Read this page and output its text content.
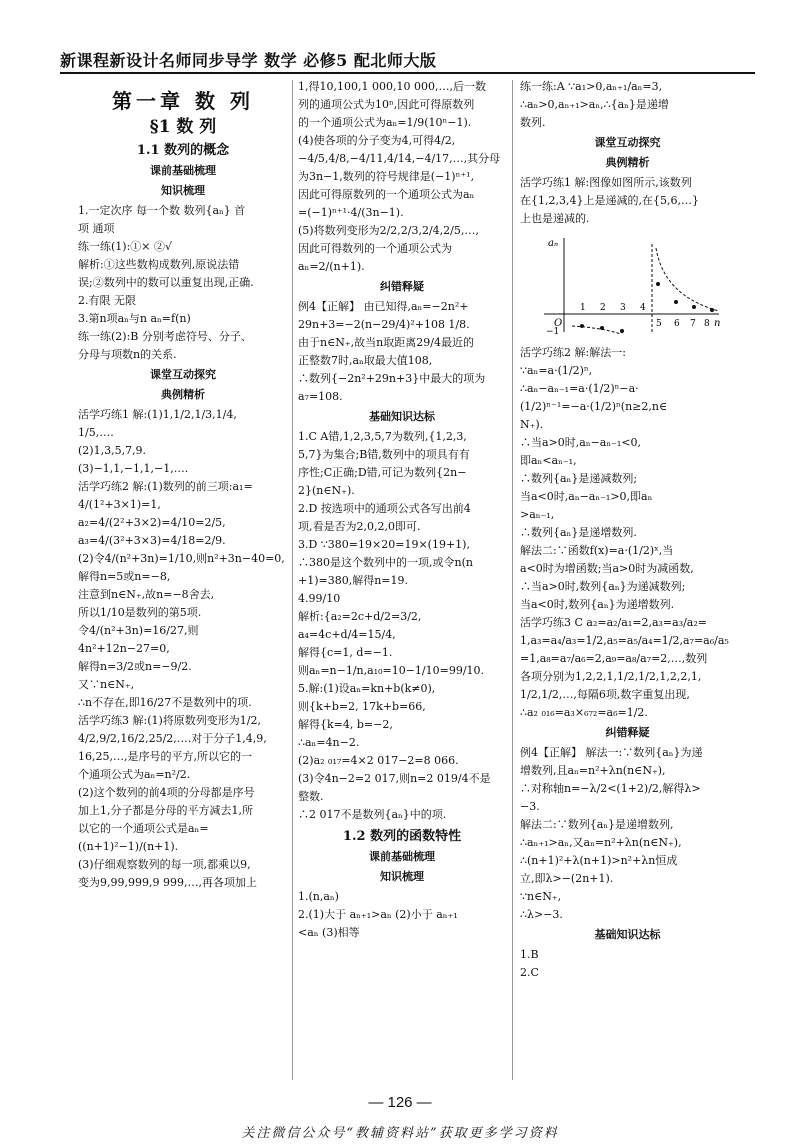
新课程新设计名师同步导学 数学 必修5 配北师大版
第一章 数 列
§1 数 列
1.1 数列的概念
课前基础梳理
知识梳理

1.一定次序 每一个数 数列{aₙ} 首

项 通项

练一练(1):①× ②√

解析:①这些数构成数列,原说法错

误;②数列中的数可以重复出现,正确.

2.有限 无限

3.第n项aₙ与n aₙ=f(n)

练一练(2):B 分别考虑符号、分子、

分母与项数n的关系.

课堂互动探究
典例精析

活学巧练1 解:(1)1,1/2,1/3,1/4,

1/5,….

(2)1,3,5,7,9.

(3)−1,1,−1,1,−1,….

活学巧练2 解:(1)数列的前三项:a₁=

4/(1²+3×1)=1,

a₂=4/(2²+3×2)=4/10=2/5,

a₃=4/(3²+3×3)=4/18=2/9.

(2)令4/(n²+3n)=1/10,则n²+3n−40=0,

解得n=5或n=−8,

注意到n∈N₊,故n=−8舍去,

所以1/10是数列的第5项.

令4/(n²+3n)=16/27,则4n²+12n−27=0,

解得n=3/2或n=−9/2.

又∵n∈N₊,

∴n不存在,即16/27不是数列中的项.

活学巧练3 解:(1)将原数列变形为1/2,

4/2,9/2,16/2,25/2,….对于分子1,4,9,

16,25,…,是序号的平方,所以它的一

个通项公式为aₙ=n²/2.

(2)这个数列的前4项的分母都是序号

加上1,分子都是分母的平方减去1,所

以它的一个通项公式是aₙ=

((n+1)²−1)/(n+1).

(3)仔细观察数列的每一项,都乘以9,

变为9,99,999,9 999,…,再各项加上

1,得10,100,1 000,10 000,…,后一数

列的通项公式为10ⁿ,因此可得原数列

的一个通项公式为aₙ=1/9(10ⁿ−1).

(4)使各项的分子变为4,可得4/2,

−4/5,4/8,−4/11,4/14,−4/17,…,其分母

为3n−1,数列的符号规律是(−1)ⁿ⁺¹,

因此可得原数列的一个通项公式为aₙ

=(−1)ⁿ⁺¹·4/(3n−1).

(5)将数列变形为2/2,2/3,2/4,2/5,…,

因此可得数列的一个通项公式为

aₙ=2/(n+1).

纠错释疑

例4【正解】 由已知得,aₙ=−2n²+

29n+3=−2(n−29/4)²+108 1/8.

由于n∈N₊,故当n取距离29/4最近的

正整数7时,aₙ取最大值108,

∴数列{−2n²+29n+3}中最大的项为

a₇=108.

基础知识达标

1.C A错,1,2,3,5,7为数列,{1,2,3,

5,7}为集合;B错,数列中的项具有有

序性;C正确;D错,可记为数列{2n−

2}(n∈N₊).

2.D 按选项中的通项公式各写出前4

项,看是否为2,0,2,0即可.

3.D ∵380=19×20=19×(19+1),

∴380是这个数列中的一项,或令n(n

+1)=380,解得n=19.

4.99/10

解析:{a₂=2c+d/2=3/2, a₄=4c+d/4=15/4,

解得{c=1, d=−1.

则aₙ=n−1/n,a₁₀=10−1/10=99/10.

5.解:(1)设aₙ=kn+b(k≠0),

则{k+b=2, 17k+b=66,

解得{k=4, b=−2,

∴aₙ=4n−2.

(2)a₂ ₀₁₇=4×2 017−2=8 066.

(3)令4n−2=2 017,则n=2 019/4不是

整数.

∴2 017不是数列{aₙ}中的项.

1.2 数列的函数特性
课前基础梳理
知识梳理

1.(n,aₙ)

2.(1)大于 aₙ₊₁>aₙ (2)小于 aₙ₊₁

<aₙ (3)相等

练一练:A ∵a₁>0,aₙ₊₁/aₙ=3,

∴aₙ>0,aₙ₊₁>aₙ,∴{aₙ}是递增

数列.

课堂互动探究
典例精析

活学巧练1 解:图像如图所示,该数列

在{1,2,3,4}上是递减的,在{5,6,…}

上也是递减的.

aₙ
n
O
−1
1 2 3 4
5 6 7 8

活学巧练2 解:解法一:

∵aₙ=a·(1/2)ⁿ,

∴aₙ−aₙ₋₁=a·(1/2)ⁿ−a·

(1/2)ⁿ⁻¹=−a·(1/2)ⁿ(n≥2,n∈

N₊).

∴当a>0时,aₙ−aₙ₋₁<0,

即aₙ<aₙ₋₁,

∴数列{aₙ}是递减数列;

当a<0时,aₙ−aₙ₋₁>0,即aₙ

>aₙ₋₁,

∴数列{aₙ}是递增数列.

解法二:∵函数f(x)=a·(1/2)ˣ,当

a<0时为增函数;当a>0时为减函数,

∴当a>0时,数列{aₙ}为递减数列;

当a<0时,数列{aₙ}为递增数列.

活学巧练3 C a₂=a₂/a₁=2,a₃=a₃/a₂=

1,a₃=a₄/a₃=1/2,a₅=a₅/a₄=1/2,a₇=a₆/a₅

=1,a₈=a₇/a₆=2,a₉=a₈/a₇=2,…,数列

各项分别为1,2,2,1,1/2,1/2,1,2,2,1,

1/2,1/2,…,每隔6项,数字重复出现,

∴a₂ ₀₁₆=a₃×₆₇₂=a₆=1/2.

纠错释疑

例4【正解】 解法一:∵数列{aₙ}为递

增数列,且aₙ=n²+λn(n∈N₊),

∴对称轴n=−λ/2<(1+2)/2,解得λ>

−3.

解法二:∵数列{aₙ}是递增数列,

∴aₙ₊₁>aₙ,又aₙ=n²+λn(n∈N₊),

∴(n+1)²+λ(n+1)>n²+λn恒成

立,即λ>−(2n+1).

∵n∈N₊,

∴λ>−3.

基础知识达标

1.B

2.C

— 126 —
关注微信公众号“教辅资料站”获取更多学习资料
